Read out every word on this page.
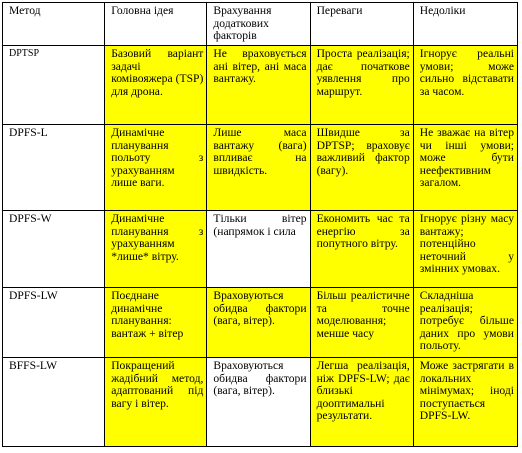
Метод	Головна ідея	Врахування додаткових факторів	Переваги	Недоліки
DPTSP	Базовий варіант задачі комівояжера (TSP) для дрона.	Не враховується ані вітер, ані маса вантажу.	Проста реалізація; дає початкове уявлення про маршрут.	Ігнорує реальні умови; може сильно відставати за часом.
DPFS-L	Динамічне планування польоту з урахуванням лише ваги.	Лише маса вантажу (вага) впливає на швидкість.	Швидше за DPTSP; враховує важливий фактор (вагу).	Не зважає на вітер чи інші умови; може бути неефективним загалом.
DPFS-W	Динамічне планування з урахуванням *лише* вітру.	Тільки вітер (напрямок і сила	Економить час та енергію за попутного вітру.	Ігнорує різну масу вантажу; потенційно неточний у змінних умовах.
DPFS-LW	Поєднане динамічне планування: вантаж + вітер	Враховуються обидва фактори (вага, вітер).	Більш реалістичне та точне моделювання; менше часу	Складніша реалізація; потребує більше даних про умови польоту.
BFFS-LW	Покращений жадібний метод, адаптований під вагу і вітер.	Враховуються обидва фактори (вага, вітер).	Легша реалізація, ніж DPFS-LW; дає близькі дооптимальні результати.	Може застрягати в локальних мінімумах; іноді поступається DPFS-LW.
